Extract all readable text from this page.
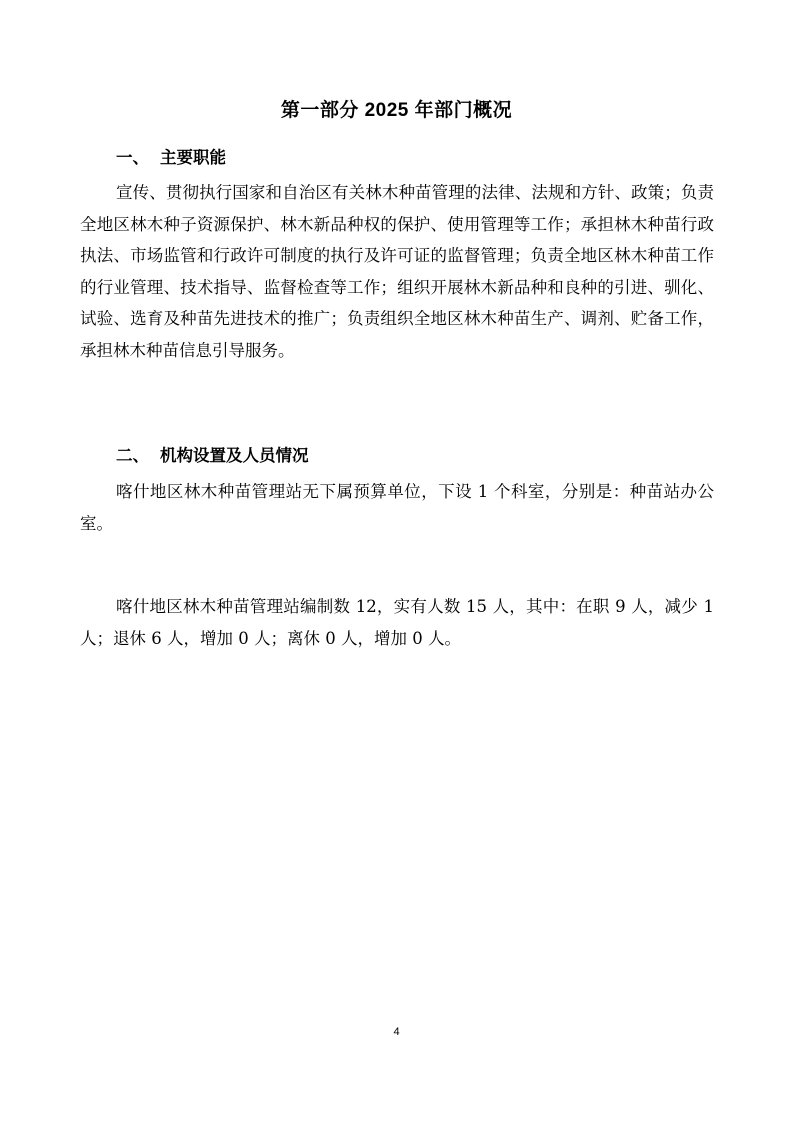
第一部分 2025 年部门概况
一、 主要职能

宣传、贯彻执行国家和自治区有关林木种苗管理的法律、法规和方针、政策；负责全地区林木种子资源保护、林木新品种权的保护、使用管理等工作；承担林木种苗行政执法、市场监管和行政许可制度的执行及许可证的监督管理；负责全地区林木种苗工作的行业管理、技术指导、监督检查等工作；组织开展林木新品种和良种的引进、驯化、试验、选育及种苗先进技术的推广；负责组织全地区林木种苗生产、调剂、贮备工作，承担林木种苗信息引导服务。

二、 机构设置及人员情况

喀什地区林木种苗管理站无下属预算单位，下设 1 个科室，分别是：种苗站办公室。

喀什地区林木种苗管理站编制数 12，实有人数 15 人，其中：在职 9 人，减少 1 人；退休 6 人，增加 0 人；离休 0 人，增加 0 人。

4
